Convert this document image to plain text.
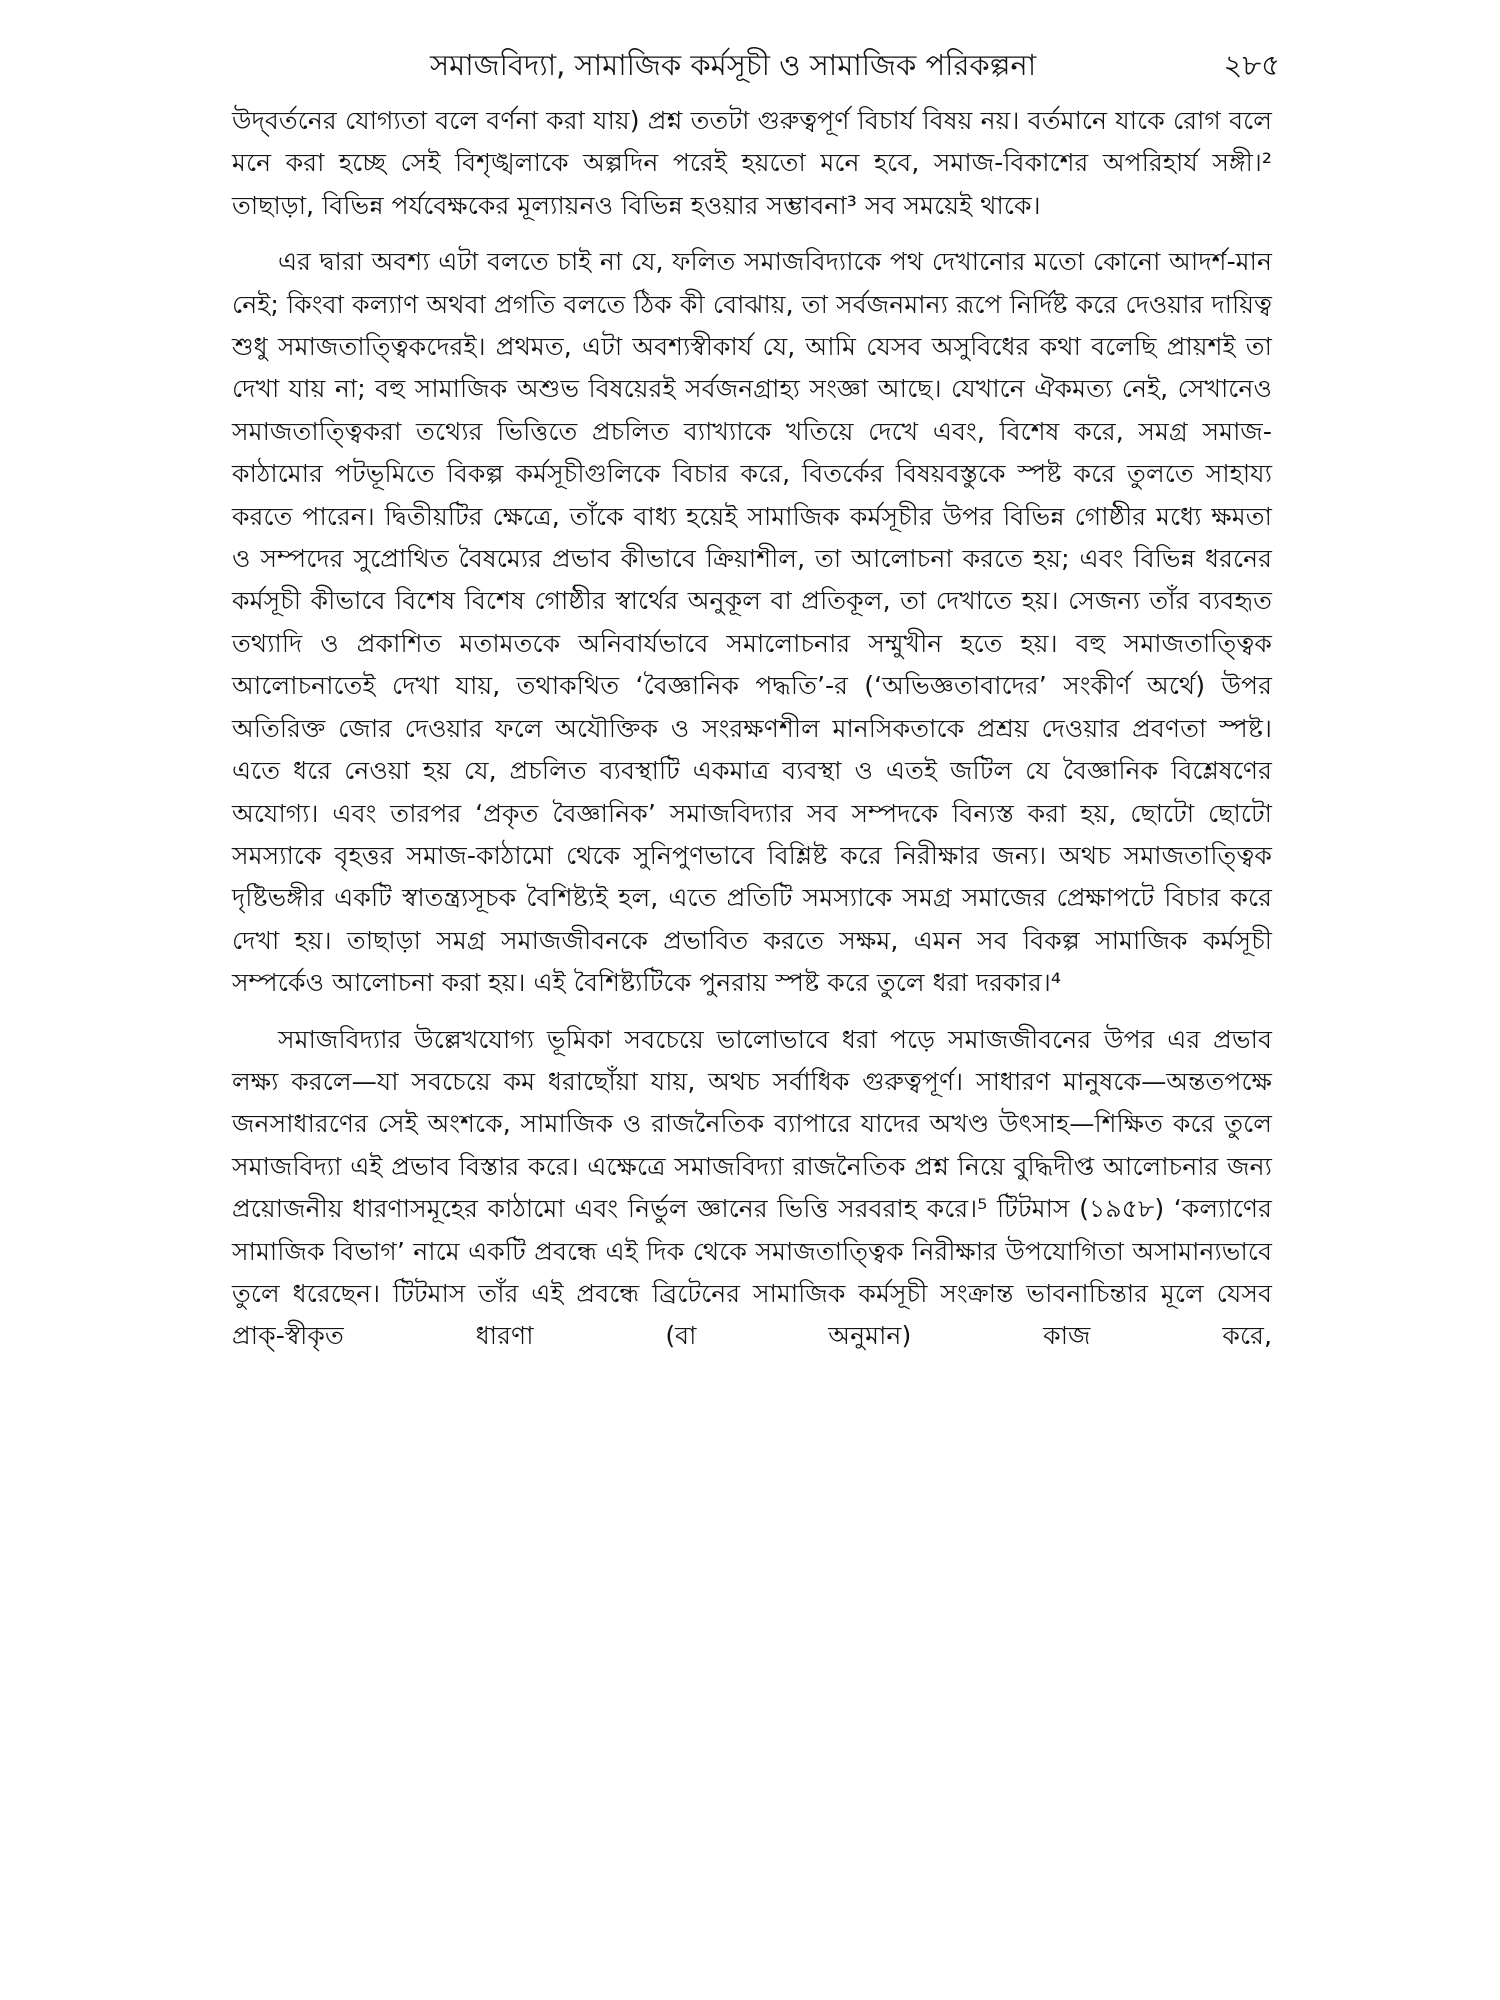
সমাজবিদ্যা, সামাজিক কর্মসূচী ও সামাজিক পরিকল্পনা	২৮৫

উদ্‌বর্তনের যোগ্যতা বলে বর্ণনা করা যায়) প্রশ্ন ততটা গুরুত্বপূর্ণ বিচার্য বিষয় নয়। বর্তমানে যাকে রোগ বলে মনে করা হচ্ছে সেই বিশৃঙ্খলাকে অল্পদিন পরেই হয়তো মনে হবে, সমাজ-বিকাশের অপরিহার্য সঙ্গী।² তাছাড়া, বিভিন্ন পর্যবেক্ষকের মূল্যায়নও বিভিন্ন হওয়ার সম্ভাবনা³ সব সময়েই থাকে।

এর দ্বারা অবশ্য এটা বলতে চাই না যে, ফলিত সমাজবিদ্যাকে পথ দেখানোর মতো কোনো আদর্শ-মান নেই; কিংবা কল্যাণ অথবা প্রগতি বলতে ঠিক কী বোঝায়, তা সর্বজনমান্য রূপে নির্দিষ্ট করে দেওয়ার দায়িত্ব শুধু সমাজতাত্ত্বিকদেরই। প্রথমত, এটা অবশ্যস্বীকার্য যে, আমি যেসব অসুবিধের কথা বলেছি প্রায়শই তা দেখা যায় না; বহু সামাজিক অশুভ বিষয়েরই সর্বজনগ্রাহ্য সংজ্ঞা আছে। যেখানে ঐকমত্য নেই, সেখানেও সমাজতাত্ত্বিকরা তথ্যের ভিত্তিতে প্রচলিত ব্যাখ্যাকে খতিয়ে দেখে এবং, বিশেষ করে, সমগ্র সমাজ-কাঠামোর পটভূমিতে বিকল্প কর্মসূচীগুলিকে বিচার করে, বিতর্কের বিষয়বস্তুকে স্পষ্ট করে তুলতে সাহায্য করতে পারেন। দ্বিতীয়টির ক্ষেত্রে, তাঁকে বাধ্য হয়েই সামাজিক কর্মসূচীর উপর বিভিন্ন গোষ্ঠীর মধ্যে ক্ষমতা ও সম্পদের সুপ্রোথিত বৈষম্যের প্রভাব কীভাবে ক্রিয়াশীল, তা আলোচনা করতে হয়; এবং বিভিন্ন ধরনের কর্মসূচী কীভাবে বিশেষ বিশেষ গোষ্ঠীর স্বার্থের অনুকূল বা প্রতিকূল, তা দেখাতে হয়। সেজন্য তাঁর ব্যবহৃত তথ্যাদি ও প্রকাশিত মতামতকে অনিবার্যভাবে সমালোচনার সম্মুখীন হতে হয়। বহু সমাজতাত্ত্বিক আলোচনাতেই দেখা যায়, তথাকথিত ‘বৈজ্ঞানিক পদ্ধতি’-র (‘অভিজ্ঞতাবাদের’ সংকীর্ণ অর্থে) উপর অতিরিক্ত জোর দেওয়ার ফলে অযৌক্তিক ও সংরক্ষণশীল মানসিকতাকে প্রশ্রয় দেওয়ার প্রবণতা স্পষ্ট। এতে ধরে নেওয়া হয় যে, প্রচলিত ব্যবস্থাটি একমাত্র ব্যবস্থা ও এতই জটিল যে বৈজ্ঞানিক বিশ্লেষণের অযোগ্য। এবং তারপর ‘প্রকৃত বৈজ্ঞানিক’ সমাজবিদ্যার সব সম্পদকে বিন্যস্ত করা হয়, ছোটো ছোটো সমস্যাকে বৃহত্তর সমাজ-কাঠামো থেকে সুনিপুণভাবে বিশ্লিষ্ট করে নিরীক্ষার জন্য। অথচ সমাজতাত্ত্বিক দৃষ্টিভঙ্গীর একটি স্বাতন্ত্র্যসূচক বৈশিষ্ট্যই হল, এতে প্রতিটি সমস্যাকে সমগ্র সমাজের প্রেক্ষাপটে বিচার করে দেখা হয়। তাছাড়া সমগ্র সমাজজীবনকে প্রভাবিত করতে সক্ষম, এমন সব বিকল্প সামাজিক কর্মসূচী সম্পর্কেও আলোচনা করা হয়। এই বৈশিষ্ট্যটিকে পুনরায় স্পষ্ট করে তুলে ধরা দরকার।⁴

সমাজবিদ্যার উল্লেখযোগ্য ভূমিকা সবচেয়ে ভালোভাবে ধরা পড়ে সমাজজীবনের উপর এর প্রভাব লক্ষ্য করলে—যা সবচেয়ে কম ধরাছোঁয়া যায়, অথচ সর্বাধিক গুরুত্বপূর্ণ। সাধারণ মানুষকে—অন্ততপক্ষে জনসাধারণের সেই অংশকে, সামাজিক ও রাজনৈতিক ব্যাপারে যাদের অখণ্ড উৎসাহ—শিক্ষিত করে তুলে সমাজবিদ্যা এই প্রভাব বিস্তার করে। এক্ষেত্রে সমাজবিদ্যা রাজনৈতিক প্রশ্ন নিয়ে বুদ্ধিদীপ্ত আলোচনার জন্য প্রয়োজনীয় ধারণাসমূহের কাঠামো এবং নির্ভুল জ্ঞানের ভিত্তি সরবরাহ করে।⁵ টিটমাস (১৯৫৮) ‘কল্যাণের সামাজিক বিভাগ’ নামে একটি প্রবন্ধে এই দিক থেকে সমাজতাত্ত্বিক নিরীক্ষার উপযোগিতা অসামান্যভাবে তুলে ধরেছেন। টিটমাস তাঁর এই প্রবন্ধে ব্রিটেনের সামাজিক কর্মসূচী সংক্রান্ত ভাবনাচিন্তার মূলে যেসব প্রাক্-স্বীকৃত ধারণা (বা অনুমান) কাজ করে,
